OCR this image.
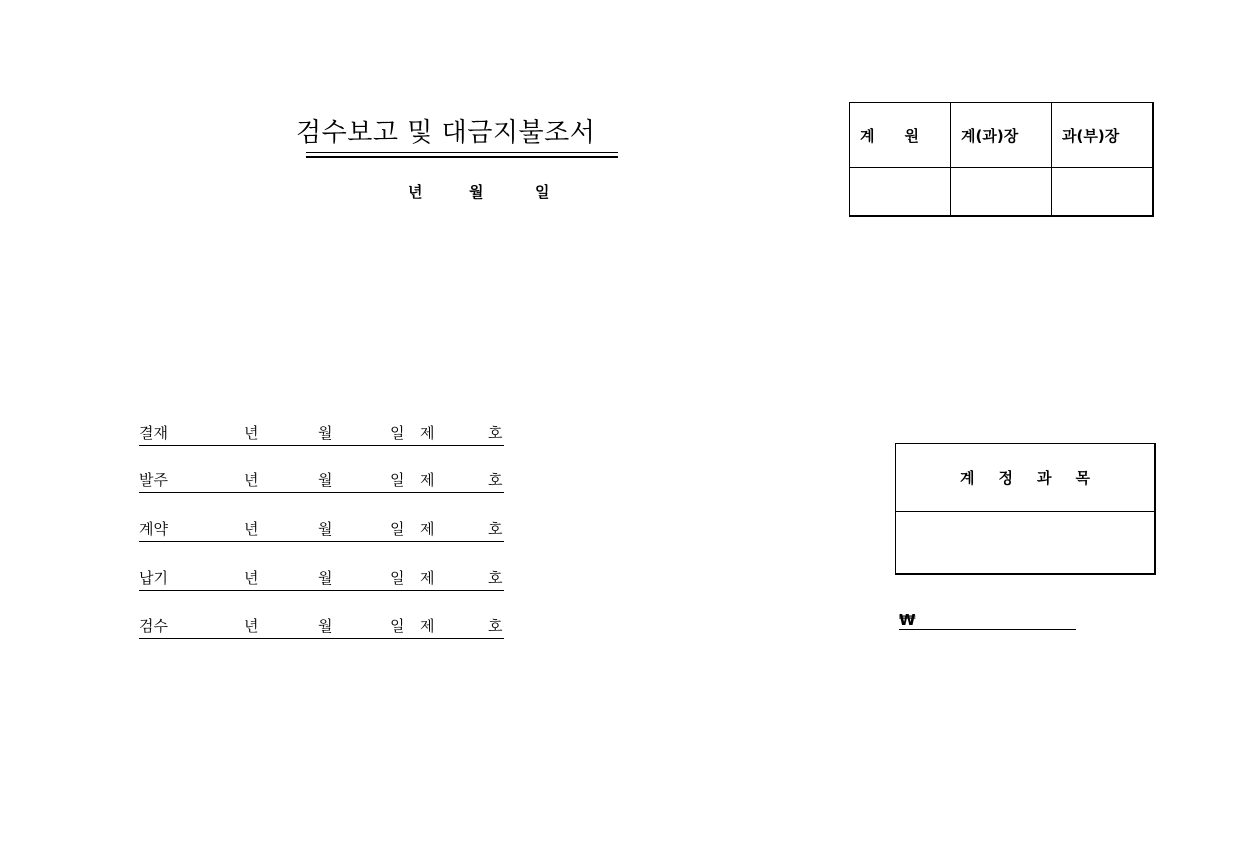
검수보고 및 대금지불조서
년	월	일
계　　원	계(과)장	과(부)장

결재	년	월	일 제	호
발주	년	월	일 제	호
계약	년	월	일 제	호
납기	년	월	일 제	호
검수	년	월	일 제	호
계 정 과 목
₩
